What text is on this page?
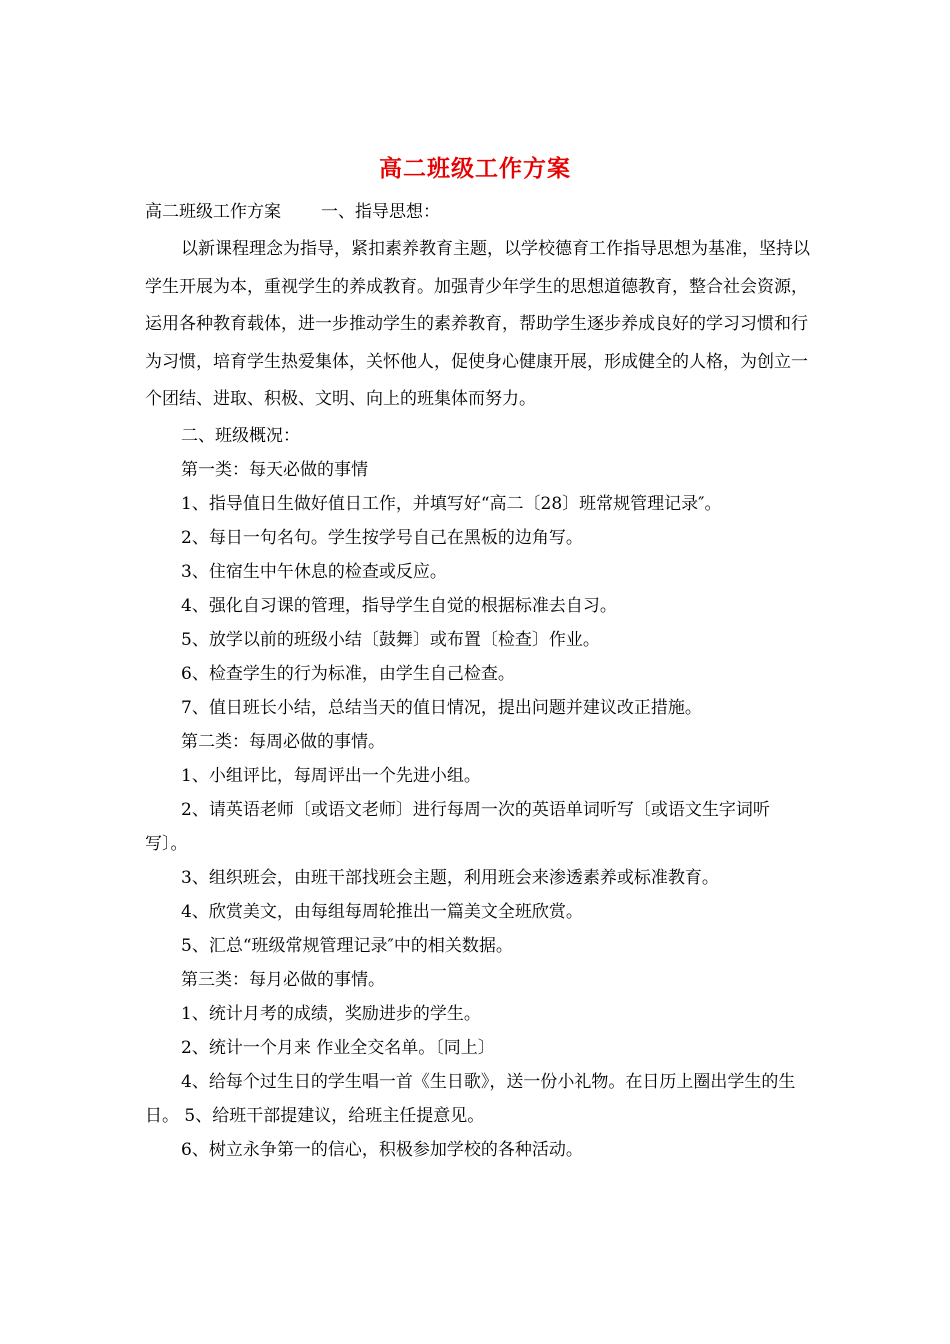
高二班级工作方案

高二班级工作方案 一、指导思想：

以新课程理念为指导，紧扣素养教育主题，以学校德育工作指导思想为基准，坚持以学生开展为本，重视学生的养成教育。加强青少年学生的思想道德教育，整合社会资源，运用各种教育载体，进一步推动学生的素养教育，帮助学生逐步养成良好的学习习惯和行为习惯，培育学生热爱集体，关怀他人，促使身心健康开展，形成健全的人格，为创立一个团结、进取、积极、文明、向上的班集体而努力。

二、班级概况：

第一类：每天必做的事情

1、指导值日生做好值日工作，并填写好“高二〔28〕班常规管理记录″。

2、每日一句名句。学生按学号自己在黑板的边角写。

3、住宿生中午休息的检查或反应。

4、强化自习课的管理，指导学生自觉的根据标准去自习。

5、放学以前的班级小结〔鼓舞〕或布置〔检查〕作业。

6、检查学生的行为标准，由学生自己检查。

7、值日班长小结，总结当天的值日情况，提出问题并建议改正措施。

第二类：每周必做的事情。

1、小组评比，每周评出一个先进小组。

2、请英语老师〔或语文老师〕进行每周一次的英语单词听写〔或语文生字词听写〕。

3、组织班会，由班干部找班会主题，利用班会来渗透素养或标准教育。

4、欣赏美文，由每组每周轮推出一篇美文全班欣赏。

5、汇总“班级常规管理记录″中的相关数据。

第三类：每月必做的事情。

1、统计月考的成绩，奖励进步的学生。

2、统计一个月来 作业全交名单。〔同上〕

4、给每个过生日的学生唱一首《生日歌》，送一份小礼物。在日历上圈出学生的生日。 5、给班干部提建议，给班主任提意见。

6、树立永争第一的信心，积极参加学校的各种活动。
